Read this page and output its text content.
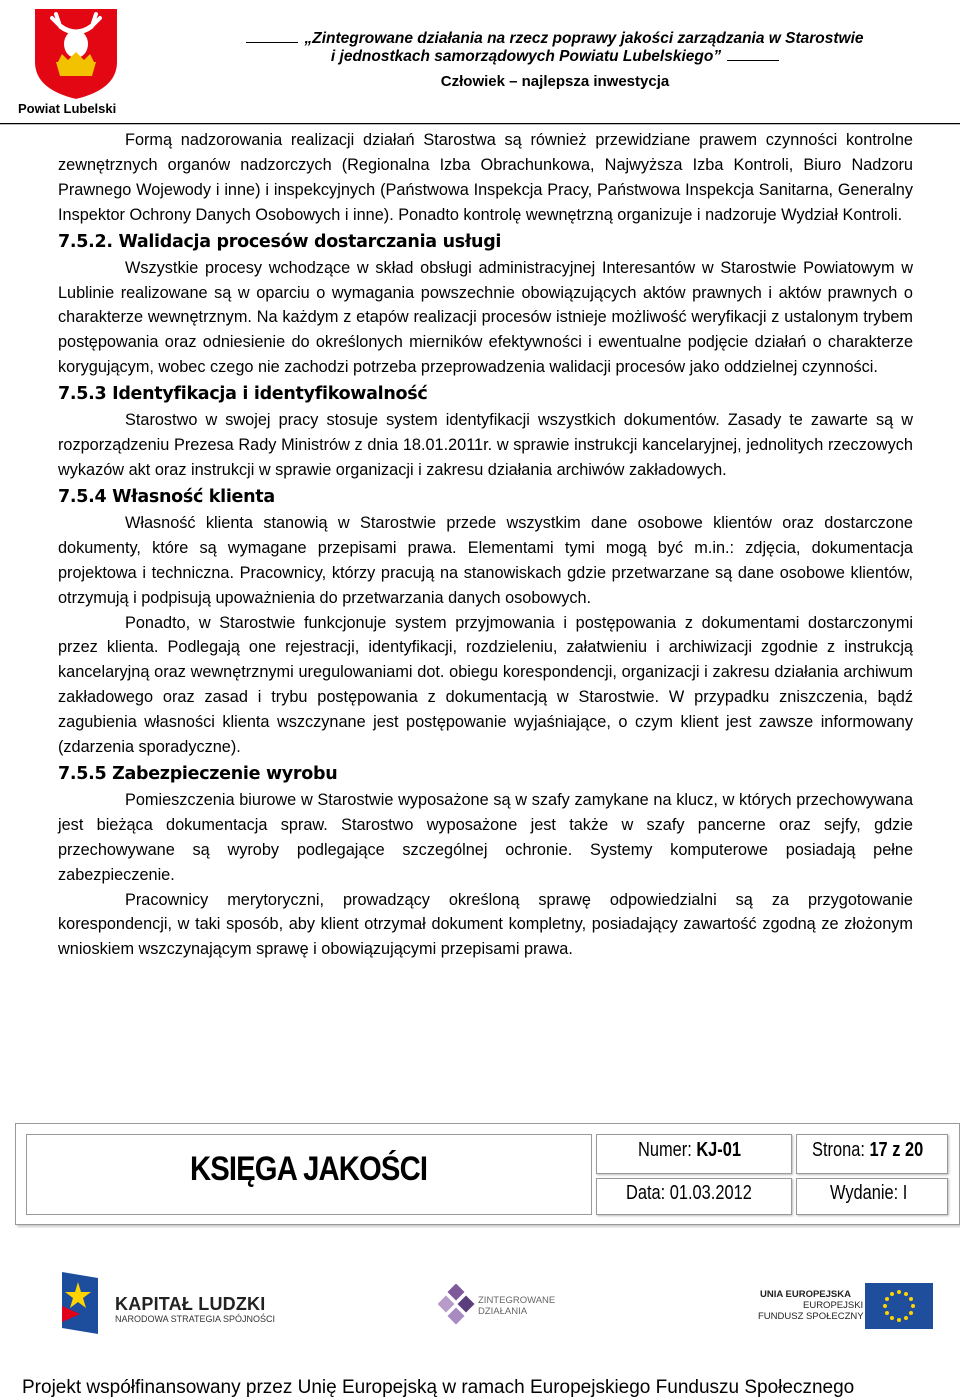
Powiat Lubelski
„Zintegrowane działania na rzecz poprawy jakości zarządzania w Starostwie
i jednostkach samorządowych Powiatu Lubelskiego”
Człowiek – najlepsza inwestycja

Formą nadzorowania realizacji działań Starostwa są również przewidziane prawem czynności kontrolne zewnętrznych organów nadzorczych (Regionalna Izba Obrachunkowa, Najwyższa Izba Kontroli, Biuro Nadzoru Prawnego Wojewody i inne) i inspekcyjnych (Państwowa Inspekcja Pracy, Państwowa Inspekcja Sanitarna, Generalny Inspektor Ochrony Danych Osobowych i inne). Ponadto kontrolę wewnętrzną organizuje i nadzoruje Wydział Kontroli.

7.5.2. Walidacja procesów dostarczania usługi

Wszystkie procesy wchodzące w skład obsługi administracyjnej Interesantów w Starostwie Powiatowym w Lublinie realizowane są w oparciu o wymagania powszechnie obowiązujących aktów prawnych i aktów prawnych o charakterze wewnętrznym. Na każdym z etapów realizacji procesów istnieje możliwość weryfikacji z ustalonym trybem postępowania oraz odniesienie do określonych mierników efektywności i ewentualne podjęcie działań o charakterze korygującym, wobec czego nie zachodzi potrzeba przeprowadzenia walidacji procesów jako oddzielnej czynności.

7.5.3 Identyfikacja i identyfikowalność

Starostwo w swojej pracy stosuje system identyfikacji wszystkich dokumentów. Zasady te zawarte są w rozporządzeniu Prezesa Rady Ministrów z dnia 18.01.2011r. w sprawie instrukcji kancelaryjnej, jednolitych rzeczowych wykazów akt oraz instrukcji w sprawie organizacji i zakresu działania archiwów zakładowych.

7.5.4 Własność klienta

Własność klienta stanowią w Starostwie przede wszystkim dane osobowe klientów oraz dostarczone dokumenty, które są wymagane przepisami prawa. Elementami tymi mogą być m.in.: zdjęcia, dokumentacja projektowa i techniczna. Pracownicy, którzy pracują na stanowiskach gdzie przetwarzane są dane osobowe klientów, otrzymują i podpisują upoważnienia do przetwarzania danych osobowych.

Ponadto, w Starostwie funkcjonuje system przyjmowania i postępowania z dokumentami dostarczonymi przez klienta. Podlegają one rejestracji, identyfikacji, rozdzieleniu, załatwieniu i archiwizacji zgodnie z instrukcją kancelaryjną oraz wewnętrznymi uregulowaniami dot. obiegu korespondencji, organizacji i zakresu działania archiwum zakładowego oraz zasad i trybu postępowania z dokumentacją w Starostwie. W przypadku zniszczenia, bądź zagubienia własności klienta wszczynane jest postępowanie wyjaśniające, o czym klient jest zawsze informowany (zdarzenia sporadyczne).

7.5.5 Zabezpieczenie wyrobu

Pomieszczenia biurowe w Starostwie wyposażone są w szafy zamykane na klucz, w których przechowywana jest bieżąca dokumentacja spraw. Starostwo wyposażone jest także w szafy pancerne oraz sejfy, gdzie przechowywane są wyroby podlegające szczególnej ochronie. Systemy komputerowe posiadają pełne zabezpieczenie.

Pracownicy merytoryczni, prowadzący określoną sprawę odpowiedzialni są za przygotowanie korespondencji, w taki sposób, aby klient otrzymał dokument kompletny, posiadający zawartość zgodną ze złożonym wnioskiem wszczynającym sprawę i obowiązującymi przepisami prawa.

KSIĘGA JAKOŚCI	Numer: KJ-01	Strona: 17 z 20
Data: 01.03.2012	Wydanie: I
KAPITAŁ LUDZKI
NARODOWA STRATEGIA SPÓJNOŚCI
ZINTEGROWANE
DZIAŁANIA
UNIA EUROPEJSKA
EUROPEJSKI
FUNDUSZ SPOŁECZNY
Projekt współfinansowany przez Unię Europejską w ramach Europejskiego Funduszu Społecznego
